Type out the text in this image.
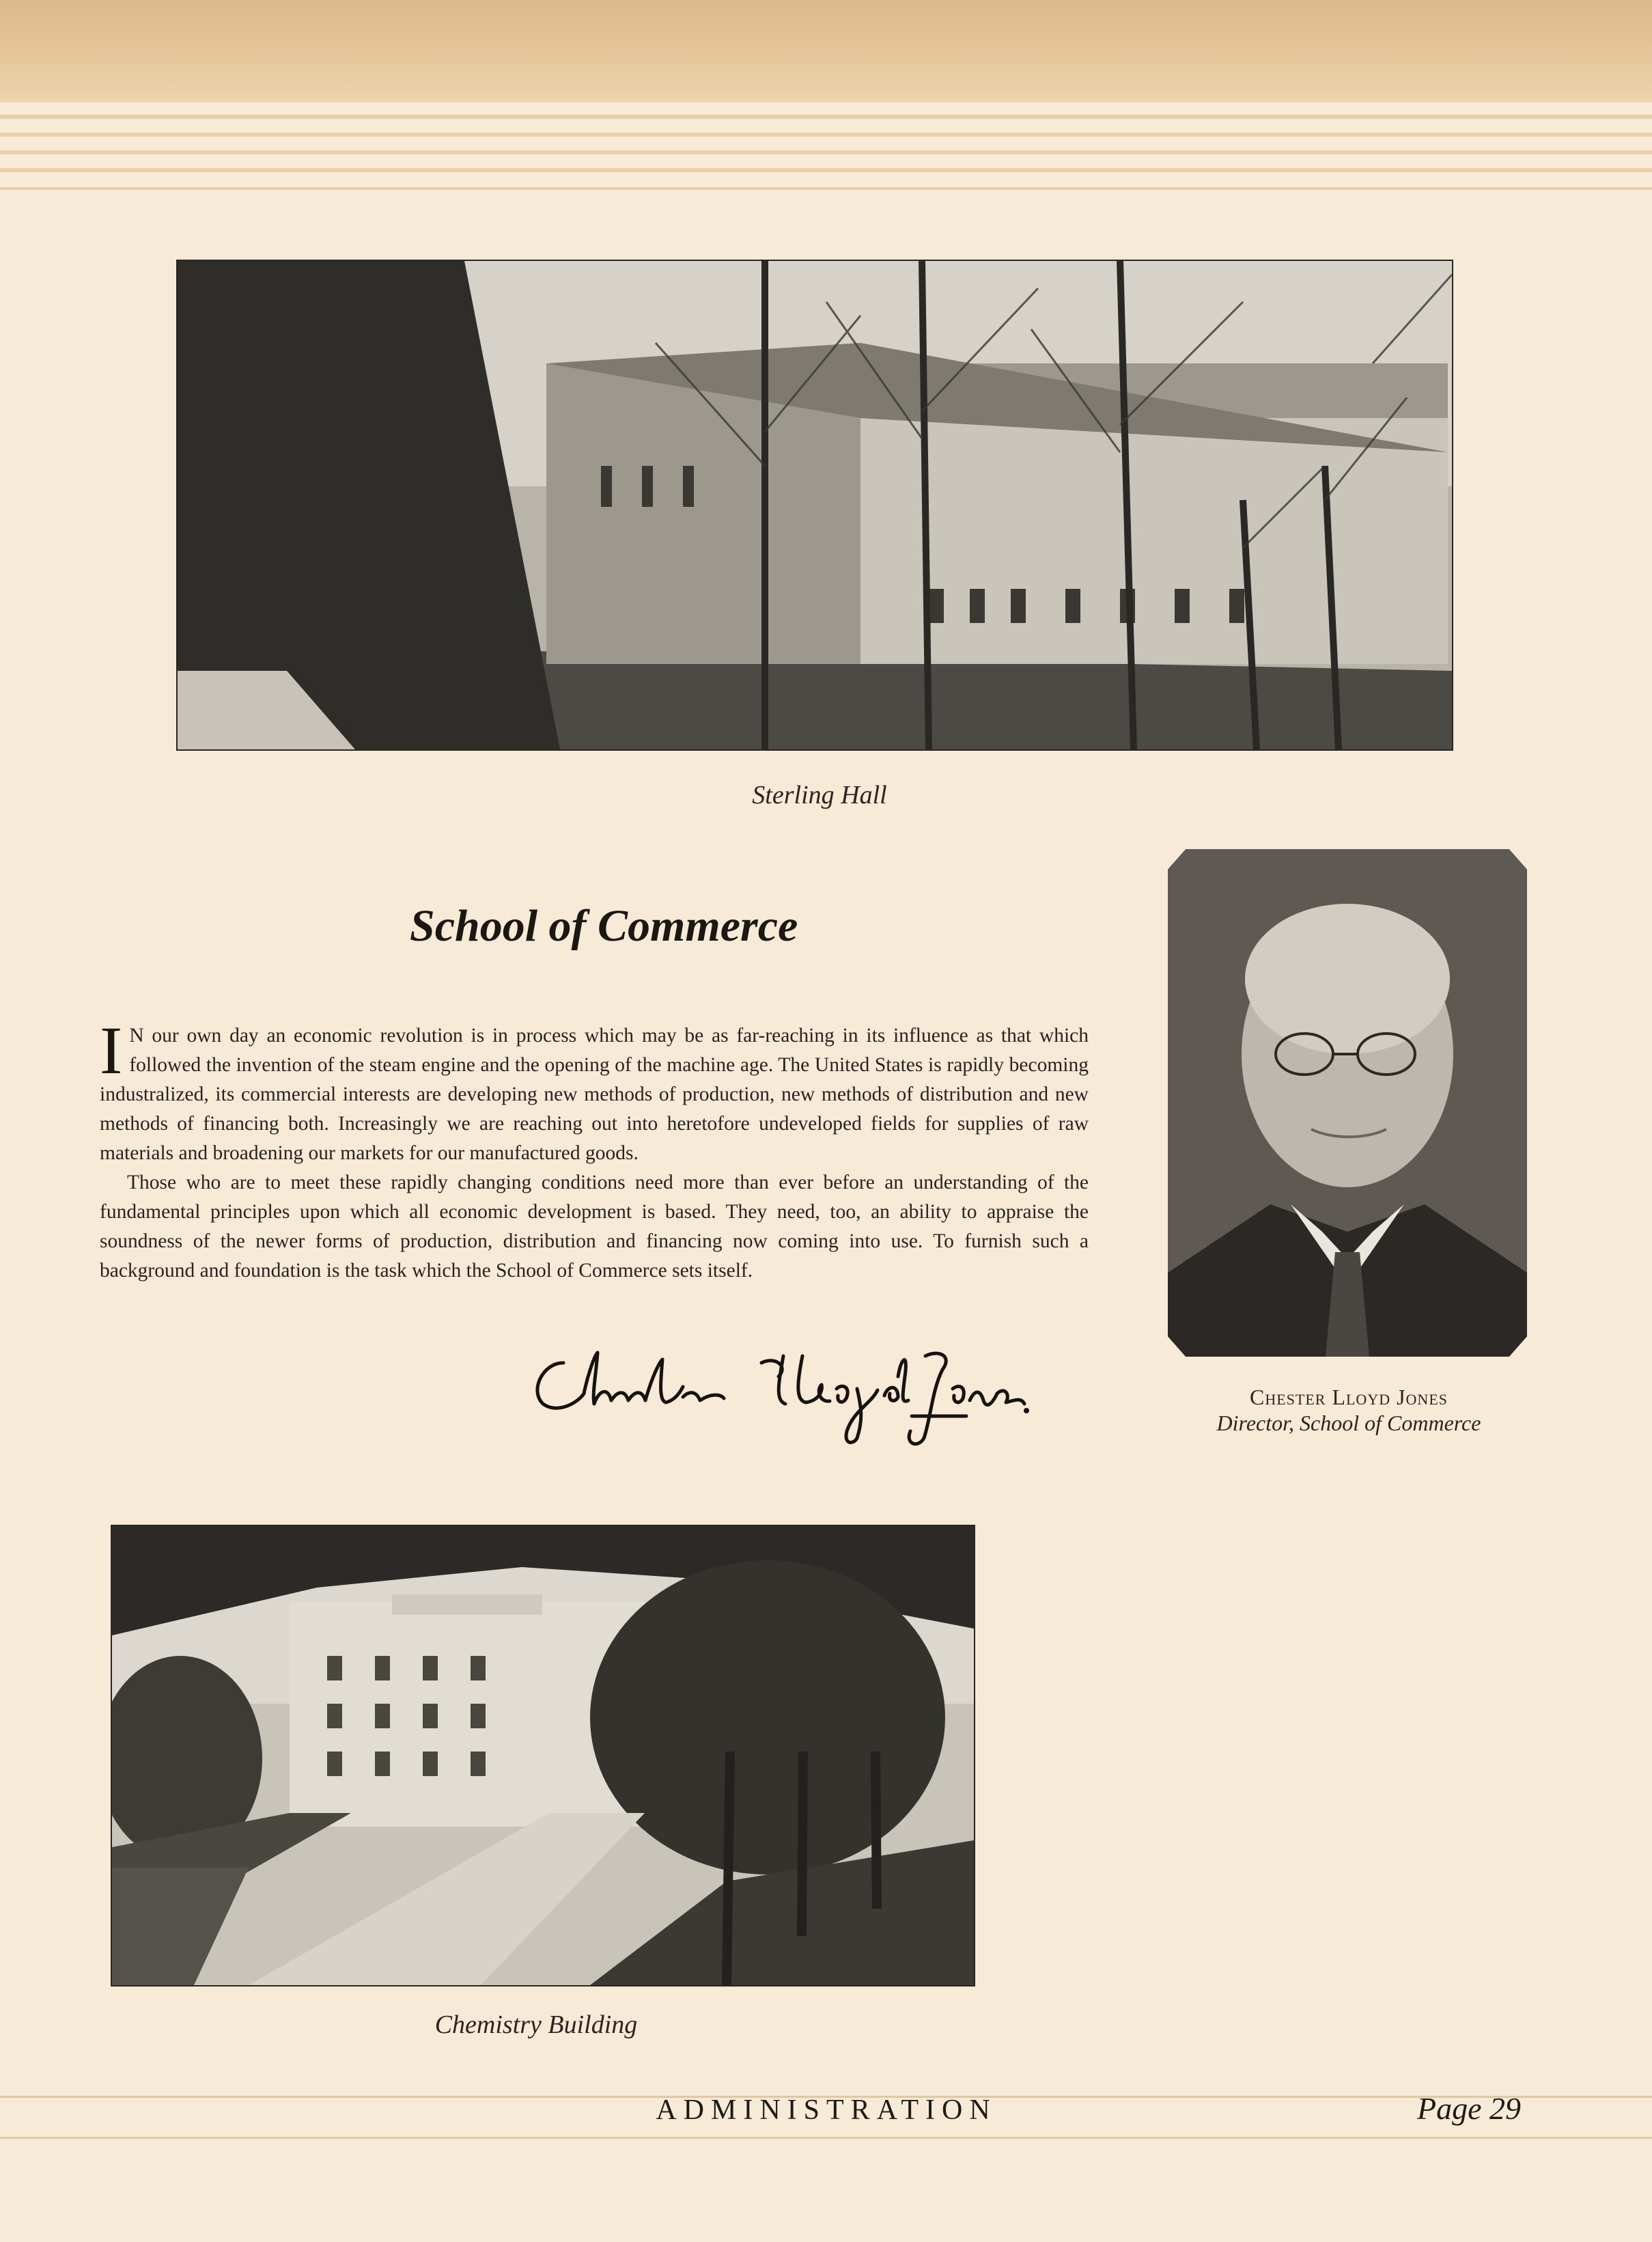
Sterling Hall
School of Commerce

I N our own day an economic revolution is in process which may be as far-reaching in its influence as that which followed the invention of the steam engine and the opening of the machine age. The United States is rapidly becoming industralized, its commercial interests are developing new methods of production, new methods of distribution and new methods of financing both. Increasingly we are reaching out into heretofore undeveloped fields for supplies of raw materials and broadening our markets for our manufactured goods.

Those who are to meet these rapidly changing conditions need more than ever before an understanding of the fundamental principles upon which all economic development is based. They need, too, an ability to appraise the soundness of the newer forms of production, distribution and financing now coming into use. To furnish such a background and foundation is the task which the School of Commerce sets itself.

Chester Lloyd Jones
Director, School of Commerce
Chemistry Building
ADMINISTRATION	Page 29
